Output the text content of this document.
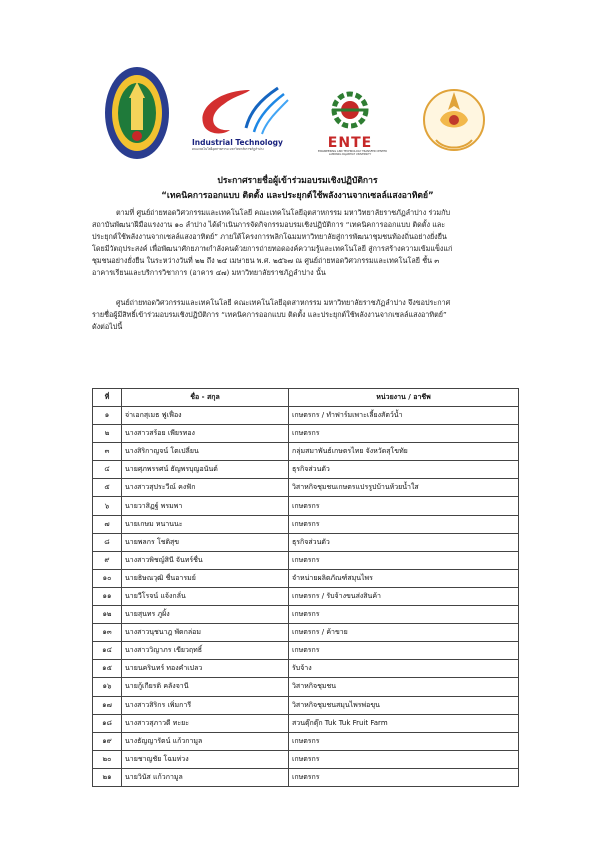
Industrial Technology
คณะเทคโนโลยีอุตสาหกรรม มหาวิทยาลัยราชภัฏลำปาง	ENTE
ENGINEERING AND TECHNOLOGY TRANSFER CENTER
LAMPANG RAJABHAT UNIVERSITY
ประกาศรายชื่อผู้เข้าร่วมอบรมเชิงปฏิบัติการ
“เทคนิคการออกแบบ ติดตั้ง และประยุกต์ใช้พลังงานจากเซลล์แสงอาทิตย์”
ตามที่ ศูนย์ถ่ายทอดวิศวกรรมและเทคโนโลยี คณะเทคโนโลยีอุตสาหกรรม มหาวิทยาลัยราชภัฏลำปาง ร่วมกับ
สถาบันพัฒนาฝีมือแรงงาน ๑๐ ลำปาง ได้ดำเนินการจัดกิจกรรมอบรมเชิงปฏิบัติการ “เทคนิคการออกแบบ ติดตั้ง และ
ประยุกต์ใช้พลังงานจากเซลล์แสงอาทิตย์” ภายใต้โครงการพลิกโฉมมหาวิทยาลัยสู่การพัฒนาชุมชนท้องถิ่นอย่างยั่งยืน
โดยมีวัตถุประสงค์ เพื่อพัฒนาศักยภาพกำลังคนด้วยการถ่ายทอดองค์ความรู้และเทคโนโลยี สู่การสร้างความเข้มแข็งแก่
ชุมชนอย่างยั่งยืน ในระหว่างวันที่ ๒๒ ถึง ๒๔ เมษายน พ.ศ. ๒๕๖๗ ณ ศูนย์ถ่ายทอดวิศวกรรมและเทคโนโลยี ชั้น ๓
อาคารเรียนและบริการวิชาการ (อาคาร ๔๗) มหาวิทยาลัยราชภัฏลำปาง นั้น
ศูนย์ถ่ายทอดวิศวกรรมและเทคโนโลยี คณะเทคโนโลยีอุตสาหกรรม มหาวิทยาลัยราชภัฏลำปาง จึงขอประกาศ
รายชื่อผู้มีสิทธิ์เข้าร่วมอบรมเชิงปฏิบัติการ “เทคนิคการออกแบบ ติดตั้ง และประยุกต์ใช้พลังงานจากเซลล์แสงอาทิตย์”
ดังต่อไปนี้
ที่	ชื่อ - สกุล	หน่วยงาน / อาชีพ
๑	จ่าเอกสุเมธ ฟูเฟื่อง	เกษตรกร / ทำฟาร์มเพาะเลี้ยงสัตว์น้ำ
๒	นางสาวสร้อย เพียรทอง	เกษตรกร
๓	นางสิริกาญจน์ โตเปลี่ยน	กลุ่มสมาพันธ์เกษตรไทย จังหวัดสุโขทัย
๔	นายศุภพรรศน์ ธัญพรบุญอนันต์	ธุรกิจส่วนตัว
๕	นางสาวสุประวีณ์ คงฟัก	วิสาหกิจชุมชนเกษตรแปรรูปบ้านห้วยน้ำใส
๖	นายวาสิฏฐ์ พรมพา	เกษตรกร
๗	นายเกษม หนานนะ	เกษตรกร
๘	นายพลกร โชติสุข	ธุรกิจส่วนตัว
๙	นางสาวพิชญ์สินี จันทร์ชื่น	เกษตรกร
๑๐	นายธิษณวุฒิ ชื่นอารมย์	จำหน่ายผลิตภัณฑ์สมุนไพร
๑๑	นายวีโรจน์ แจ้งกลั่น	เกษตรกร / รับจ้างขนส่งสินค้า
๑๒	นายสุนทร ภูผิ้ง	เกษตรกร
๑๓	นางสาวนุชนาฎ พัดกล่อม	เกษตรกร / ค้าขาย
๑๔	นางสาววิญาภร เขียวฤทธิ์	เกษตรกร
๑๕	นายนครินทร์ ทองคำเปลว	รับจ้าง
๑๖	นายกู้เกียรติ คลังจานี	วิสาหกิจชุมชน
๑๗	นางสาวสิริกร เพิ่มการี	วิสาหกิจชุมชนสมุนไพรพ่อขุน
๑๘	นางสาวสุภาวดี ทะยะ	สวนตุ๊กตุ๊ก Tuk Tuk Fruit Farm
๑๙	นางธัญญารัตน์ แก้วกามูล	เกษตรกร
๒๐	นายชาญชัย โฉมห่วง	เกษตรกร
๒๑	นายวินัส แก้วกามูล	เกษตรกร
